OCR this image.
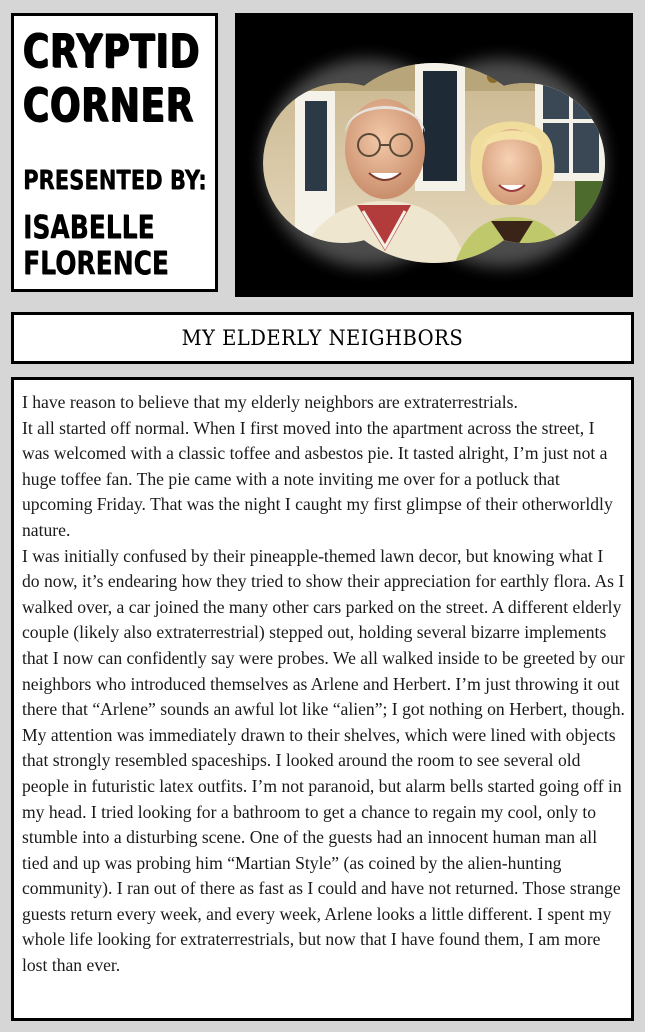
CRYPTID CORNER
PRESENTED BY:
ISABELLE FLORENCE
MY ELDERLY NEIGHBORS

I have reason to believe that my elderly neighbors are extraterrestrials.

It all started off normal. When I first moved into the apartment across the street, I was welcomed with a classic toffee and asbestos pie. It tasted alright, I’m just not a huge toffee fan. The pie came with a note inviting me over for a potluck that upcoming Friday. That was the night I caught my first glimpse of their otherworldly nature.

I was initially confused by their pineapple-themed lawn decor, but knowing what I do now, it’s endearing how they tried to show their appreciation for earthly flora. As I walked over, a car joined the many other cars parked on the street. A different elderly couple (likely also extraterrestrial) stepped out, holding several bizarre implements that I now can confidently say were probes. We all walked inside to be greeted by our neighbors who introduced themselves as Arlene and Herbert. I’m just throwing it out there that “Arlene” sounds an awful lot like “alien”; I got nothing on Herbert, though. My attention was immediately drawn to their shelves, which were lined with objects that strongly resembled spaceships. I looked around the room to see several old people in futuristic latex outfits. I’m not paranoid, but alarm bells started going off in my head. I tried looking for a bathroom to get a chance to regain my cool, only to stumble into a disturbing scene. One of the guests had an innocent human man all tied and up was probing him “Martian Style” (as coined by the alien-hunting community). I ran out of there as fast as I could and have not returned. Those strange guests return every week, and every week, Arlene looks a little different. I spent my whole life looking for extraterrestrials, but now that I have found them, I am more lost than ever.
